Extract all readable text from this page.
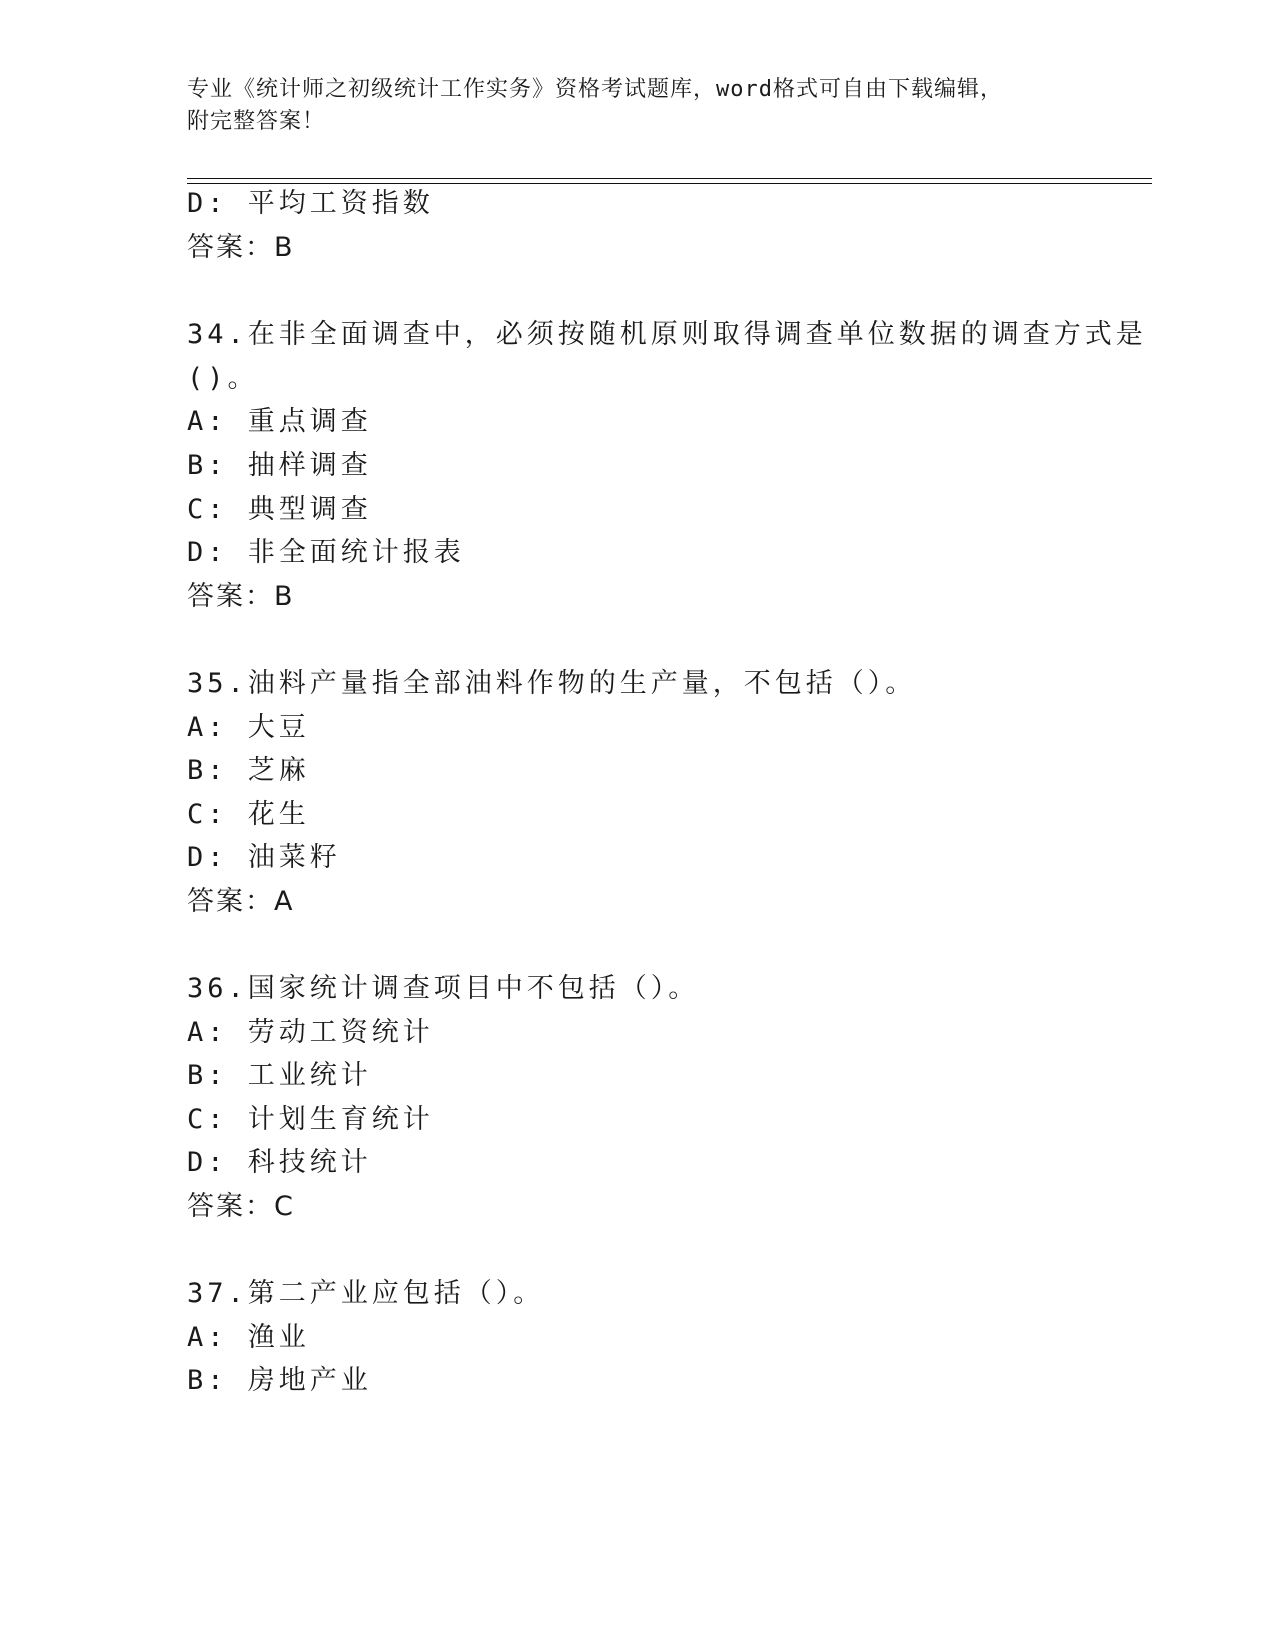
专业《统计师之初级统计工作实务》资格考试题库，word格式可自由下载编辑，
附完整答案！
D: 平均工资指数
答案：B
34.在非全面调查中，必须按随机原则取得调查单位数据的调查方式是
()。
A: 重点调查
B: 抽样调查
C: 典型调查
D: 非全面统计报表
答案：B
35.油料产量指全部油料作物的生产量，不包括（）。
A: 大豆
B: 芝麻
C: 花生
D: 油菜籽
答案：A
36.国家统计调查项目中不包括（）。
A: 劳动工资统计
B: 工业统计
C: 计划生育统计
D: 科技统计
答案：C
37.第二产业应包括（）。
A: 渔业
B: 房地产业
